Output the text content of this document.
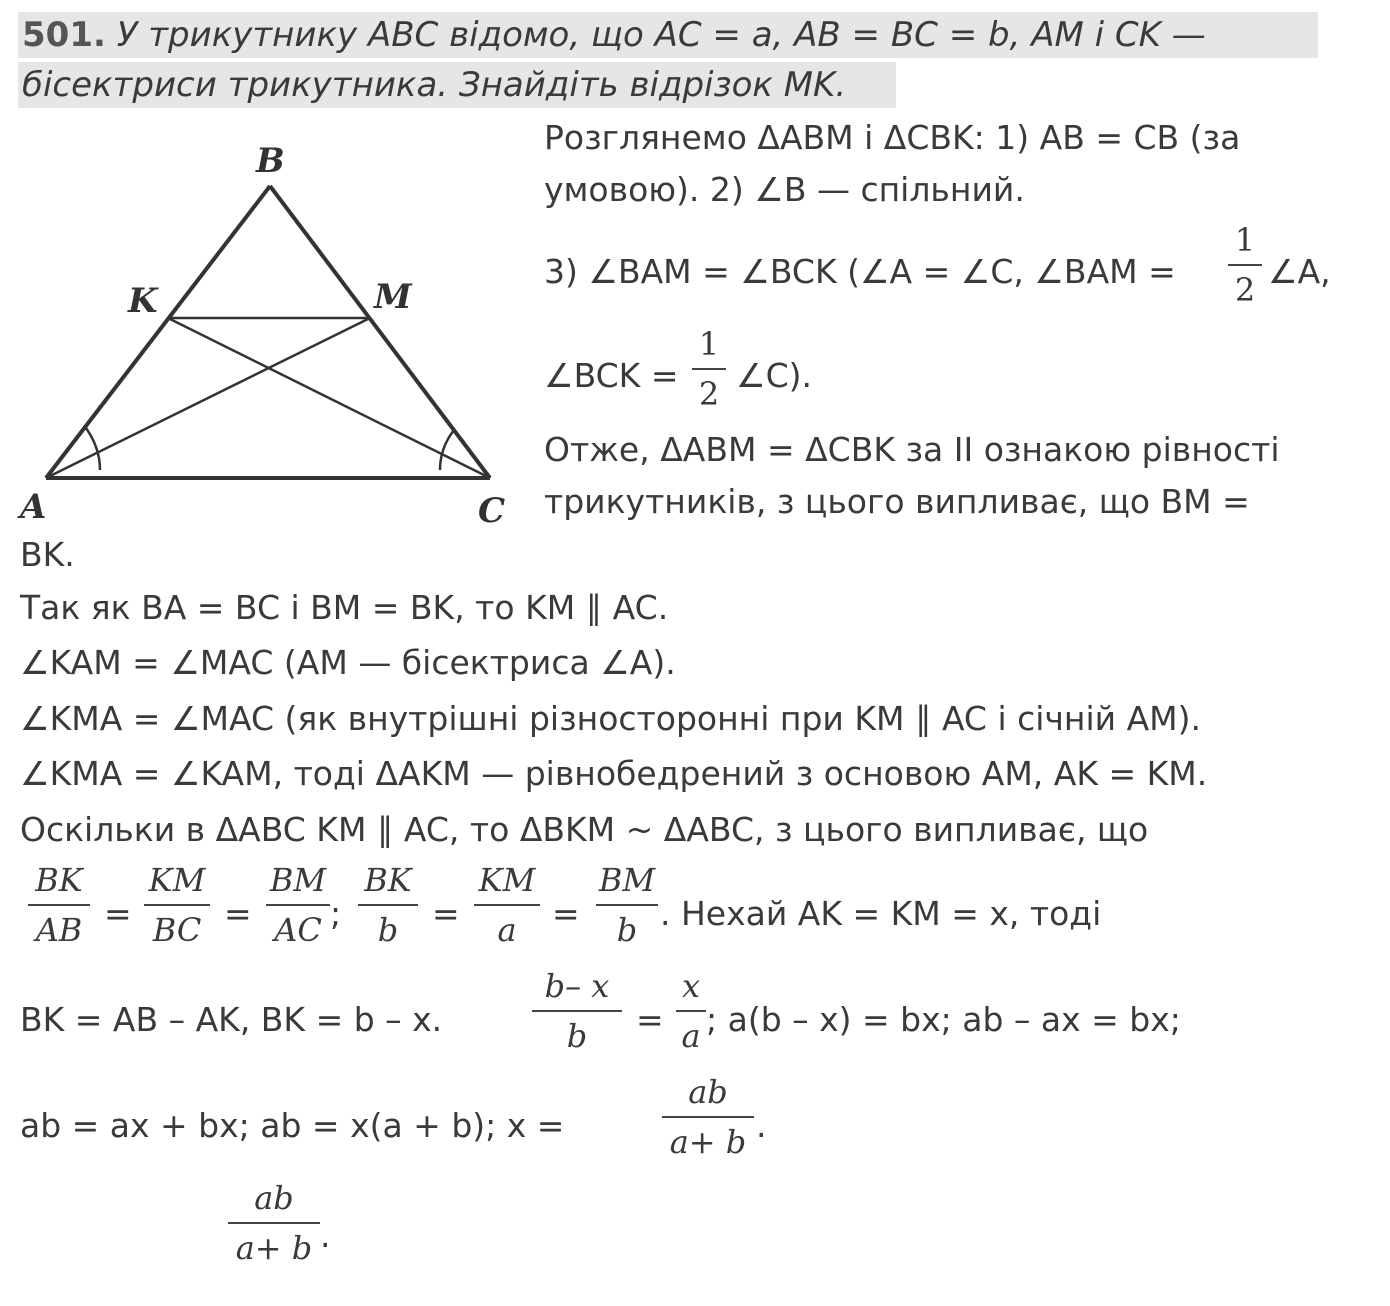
501. У трикутнику ABC відомо, що AC = a, AB = BC = b, AM і CK —
бісектриси трикутника. Знайдіть відрізок MK.
B
K	M
A	C
Розглянемо ΔABM і ΔCBK: 1) AB = CB (за
умовою). 2) ∠B — спільний.
3) ∠BAM = ∠BCK (∠A = ∠C, ∠BAM =
1
2 ∠A,
∠BCK =
1
2 ∠C).
Отже, ΔABM = ΔCBK за II ознакою рівності
трикутників, з цього випливає, що BM =
BK.
Так як BA = BC і BM = BK, то KM ∥ AC.
∠KAM = ∠MAC (AM — бісектриса ∠A).
∠KMA = ∠MAC (як внутрішні різносторонні при KM ∥ AC і січній AM).
∠KMA = ∠KAM, тоді ΔAKM — рівнобедрений з основою AM, AK = KM.
Оскільки в ΔABC KM ∥ AC, то ΔBKM ~ ΔABC, з цього випливає, що
BK
AB =
KM
BC =
BM
AC ;
BK
b	=
KM
a	=
BM
b . Нехай AK = KM = x, тоді
BK = AB – AK, BK = b – x.
b– x
b	=
x
a ; a(b – x) = bx; ab – ax = bx;
ab = ax + bx; ab = x(a + b); x =
ab
a+ b .
ab
a+ b .
